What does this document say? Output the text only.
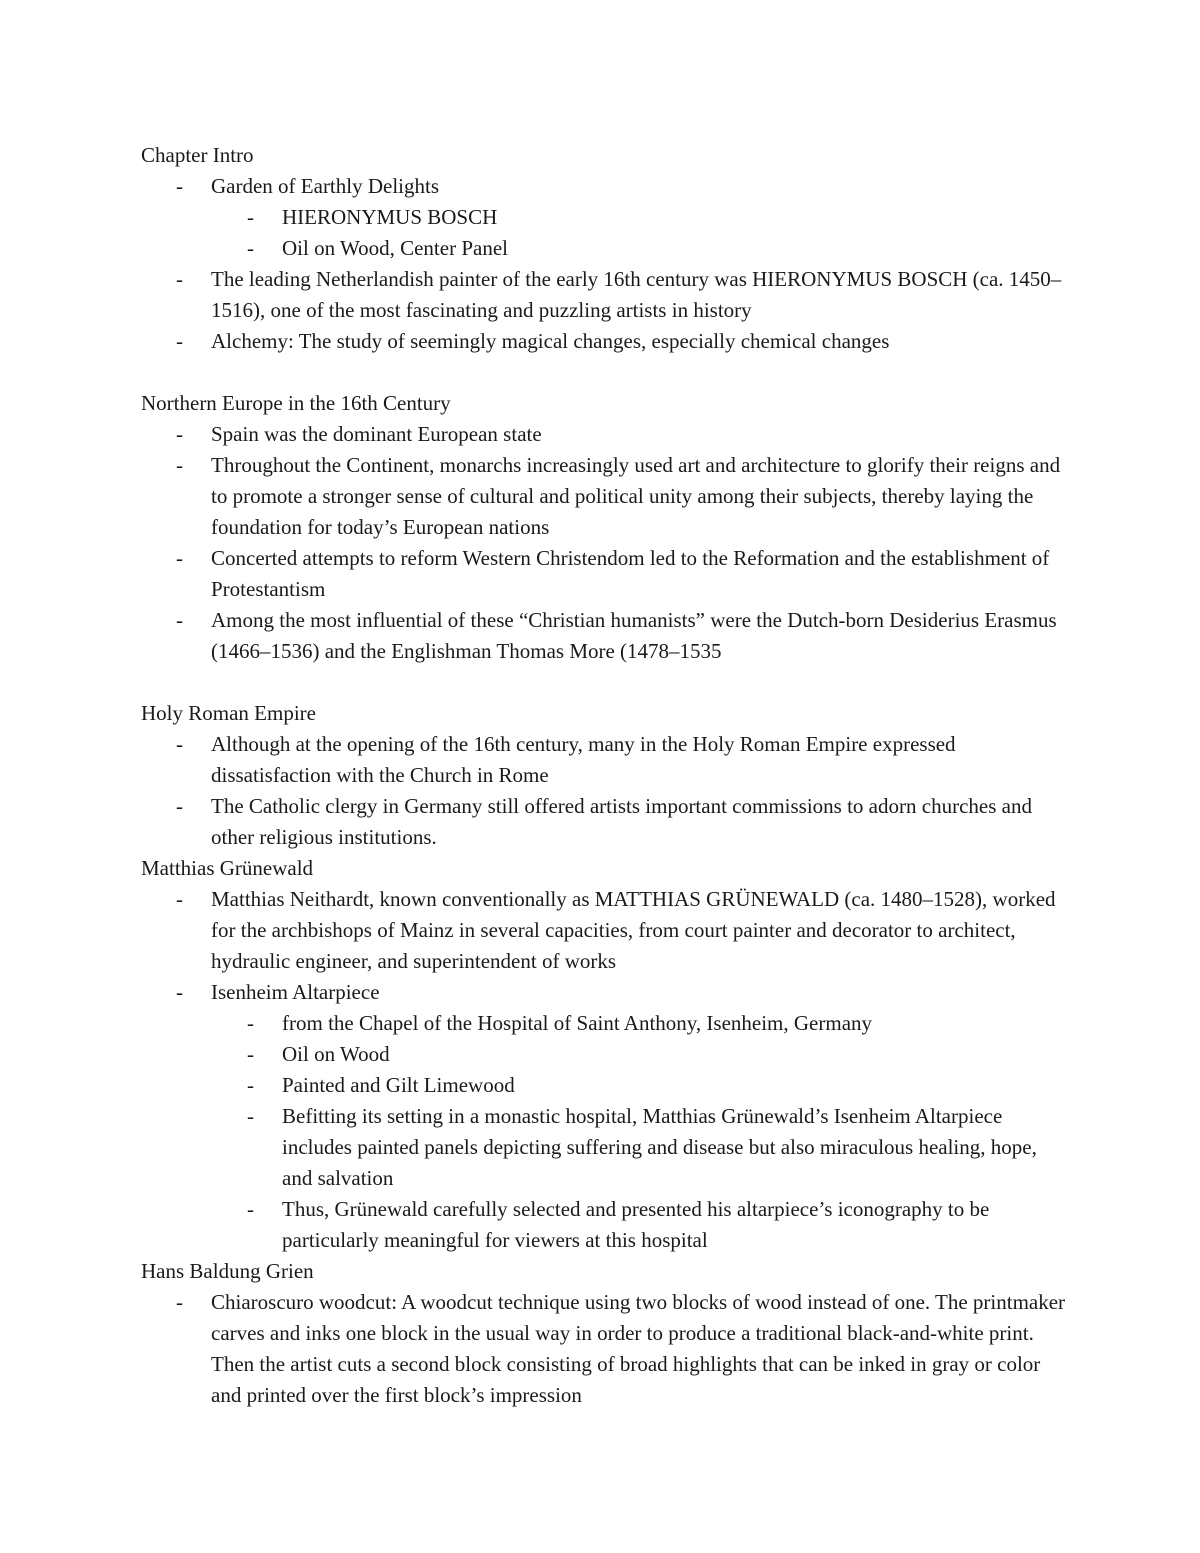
Chapter Intro
- Garden of Earthly Delights
- HIERONYMUS BOSCH
- Oil on Wood, Center Panel
- The leading Netherlandish painter of the early 16th century was HIERONYMUS BOSCH (ca. 1450–1516), one of the most fascinating and puzzling artists in history
- Alchemy: The study of seemingly magical changes, especially chemical changes
Northern Europe in the 16th Century
- Spain was the dominant European state
- Throughout the Continent, monarchs increasingly used art and architecture to glorify their reigns and to promote a stronger sense of cultural and political unity among their subjects, thereby laying the foundation for today’s European nations
- Concerted attempts to reform Western Christendom led to the Reformation and the establishment of Protestantism
- Among the most influential of these “Christian humanists” were the Dutch-born Desiderius Erasmus (1466–1536) and the Englishman Thomas More (1478–1535
Holy Roman Empire
- Although at the opening of the 16th century, many in the Holy Roman Empire expressed dissatisfaction with the Church in Rome
- The Catholic clergy in Germany still offered artists important commissions to adorn churches and other religious institutions.
Matthias Grünewald
- Matthias Neithardt, known conventionally as MATTHIAS GRÜNEWALD (ca. 1480–1528), worked for the archbishops of Mainz in several capacities, from court painter and decorator to architect, hydraulic engineer, and superintendent of works
- Isenheim Altarpiece
- from the Chapel of the Hospital of Saint Anthony, Isenheim, Germany
- Oil on Wood
- Painted and Gilt Limewood
- Befitting its setting in a monastic hospital, Matthias Grünewald’s Isenheim Altarpiece includes painted panels depicting suffering and disease but also miraculous healing, hope, and salvation
- Thus, Grünewald carefully selected and presented his altarpiece’s iconography to be particularly meaningful for viewers at this hospital
Hans Baldung Grien
- Chiaroscuro woodcut: A woodcut technique using two blocks of wood instead of one. The printmaker carves and inks one block in the usual way in order to produce a traditional black-and-white print. Then the artist cuts a second block consisting of broad highlights that can be inked in gray or color and printed over the first block’s impression
